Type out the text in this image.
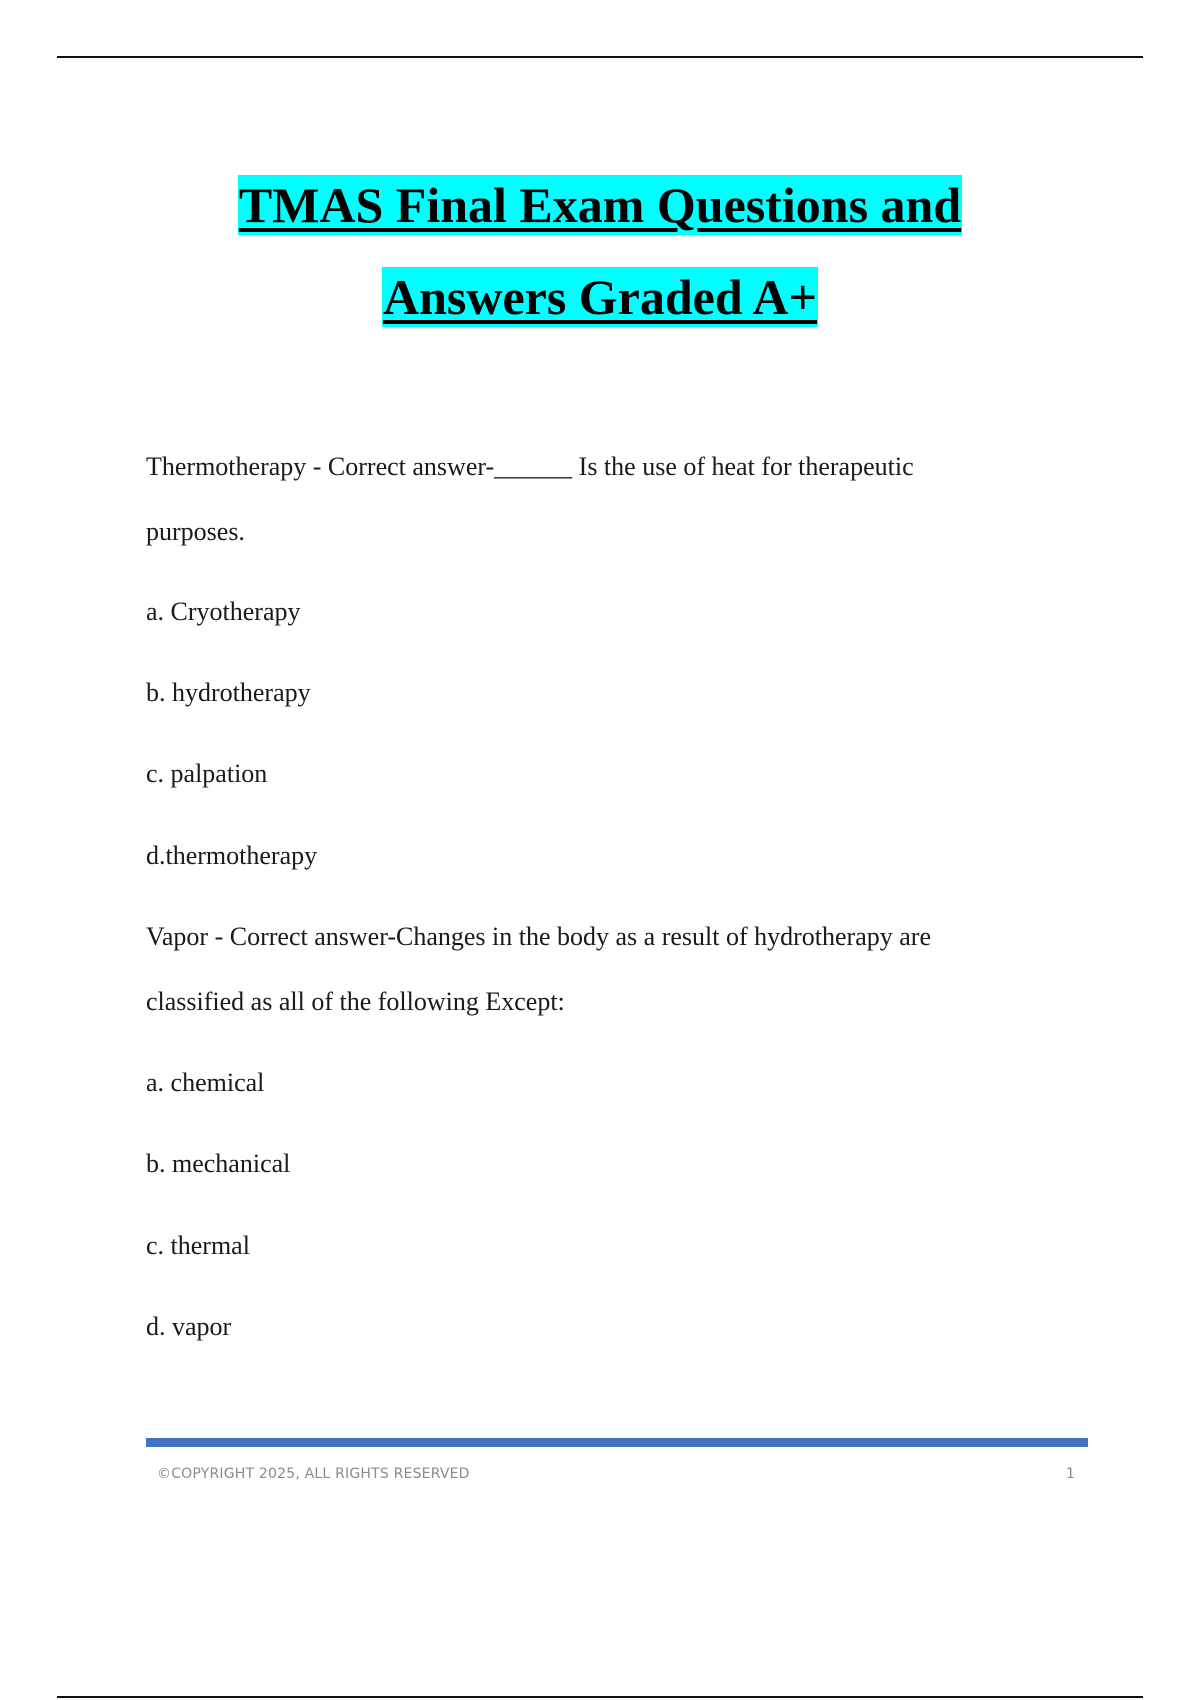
TMAS Final Exam Questions and
Answers Graded A+
Thermotherapy - Correct answer-______ Is the use of heat for therapeutic
purposes.
a. Cryotherapy
b. hydrotherapy
c. palpation
d.thermotherapy
Vapor - Correct answer-Changes in the body as a result of hydrotherapy are
classified as all of the following Except:
a. chemical
b. mechanical
c. thermal
d. vapor
©COPYRIGHT 2025, ALL RIGHTS RESERVED	1
